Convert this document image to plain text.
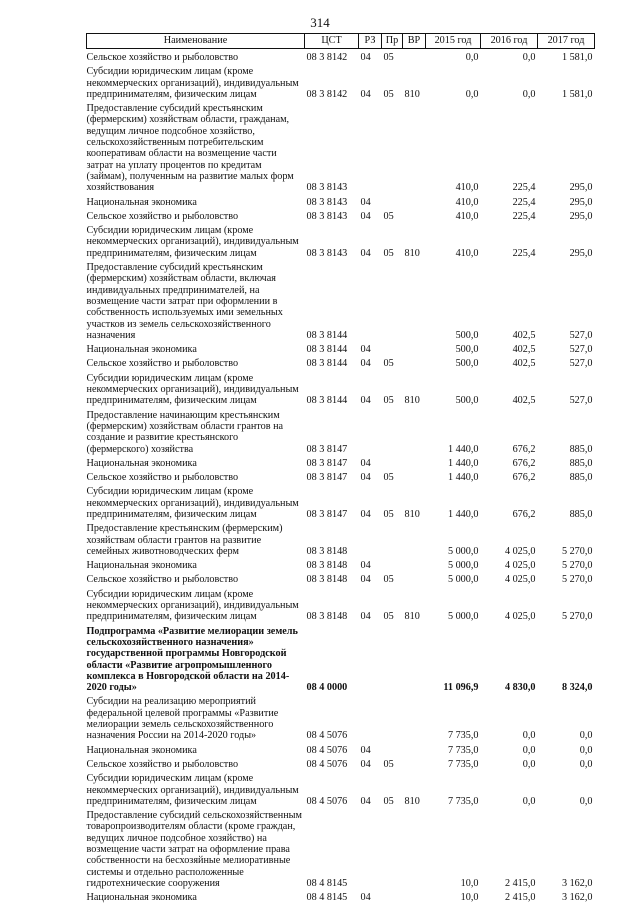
314
Наименование	ЦСТ	РЗ	Пр	ВР	2015 год	2016 год	2017 год
Сельское хозяйство и рыболовство	08 3 8142	04	05		0,0	0,0	1 581,0
Субсидии юридическим лицам (кроме некоммерческих организаций), индивидуальным предпринимателям, физическим лицам	08 3 8142	04	05	810	0,0	0,0	1 581,0
Предоставление субсидий крестьянским (фермерским) хозяйствам области, гражданам, ведущим личное подсобное хозяйство, сельскохозяйственным потребительским кооперативам области на возмещение части затрат на уплату процентов по кредитам (займам), полученным на развитие малых форм хозяйствования	08 3 8143				410,0	225,4	295,0
Национальная экономика	08 3 8143	04			410,0	225,4	295,0
Сельское хозяйство и рыболовство	08 3 8143	04	05		410,0	225,4	295,0
Субсидии юридическим лицам (кроме некоммерческих организаций), индивидуальным предпринимателям, физическим лицам	08 3 8143	04	05	810	410,0	225,4	295,0
Предоставление субсидий крестьянским (фермерским) хозяйствам области, включая индивидуальных предпринимателей, на возмещение части затрат при оформлении в собственность используемых ими земельных участков из земель сельскохозяйственного назначения	08 3 8144				500,0	402,5	527,0
Национальная экономика	08 3 8144	04			500,0	402,5	527,0
Сельское хозяйство и рыболовство	08 3 8144	04	05		500,0	402,5	527,0
Субсидии юридическим лицам (кроме некоммерческих организаций), индивидуальным предпринимателям, физическим лицам	08 3 8144	04	05	810	500,0	402,5	527,0
Предоставление начинающим крестьянским (фермерским) хозяйствам области грантов на создание и развитие крестьянского (фермерского) хозяйства	08 3 8147				1 440,0	676,2	885,0
Национальная экономика	08 3 8147	04			1 440,0	676,2	885,0
Сельское хозяйство и рыболовство	08 3 8147	04	05		1 440,0	676,2	885,0
Субсидии юридическим лицам (кроме некоммерческих организаций), индивидуальным предпринимателям, физическим лицам	08 3 8147	04	05	810	1 440,0	676,2	885,0
Предоставление крестьянским (фермерским) хозяйствам области грантов на развитие семейных животноводческих ферм	08 3 8148				5 000,0	4 025,0	5 270,0
Национальная экономика	08 3 8148	04			5 000,0	4 025,0	5 270,0
Сельское хозяйство и рыболовство	08 3 8148	04	05		5 000,0	4 025,0	5 270,0
Субсидии юридическим лицам (кроме некоммерческих организаций), индивидуальным предпринимателям, физическим лицам	08 3 8148	04	05	810	5 000,0	4 025,0	5 270,0
Подпрограмма «Развитие мелиорации земель сельскохозяйственного назначения» государственной программы Новгородской области «Развитие агропромышленного комплекса в Новгородской области на 2014-2020 годы»	08 4 0000				11 096,9	4 830,0	8 324,0
Субсидии на реализацию мероприятий федеральной целевой программы «Развитие мелиорации земель сельскохозяйственного назначения России на 2014-2020 годы»	08 4 5076				7 735,0	0,0	0,0
Национальная экономика	08 4 5076	04			7 735,0	0,0	0,0
Сельское хозяйство и рыболовство	08 4 5076	04	05		7 735,0	0,0	0,0
Субсидии юридическим лицам (кроме некоммерческих организаций), индивидуальным предпринимателям, физическим лицам	08 4 5076	04	05	810	7 735,0	0,0	0,0
Предоставление субсидий сельскохозяйственным товаропроизводителям области (кроме граждан, ведущих личное подсобное хозяйство) на возмещение части затрат на оформление права собственности на бесхозяйные мелиоративные системы и отдельно расположенные гидротехнические сооружения	08 4 8145				10,0	2 415,0	3 162,0
Национальная экономика	08 4 8145	04			10,0	2 415,0	3 162,0
